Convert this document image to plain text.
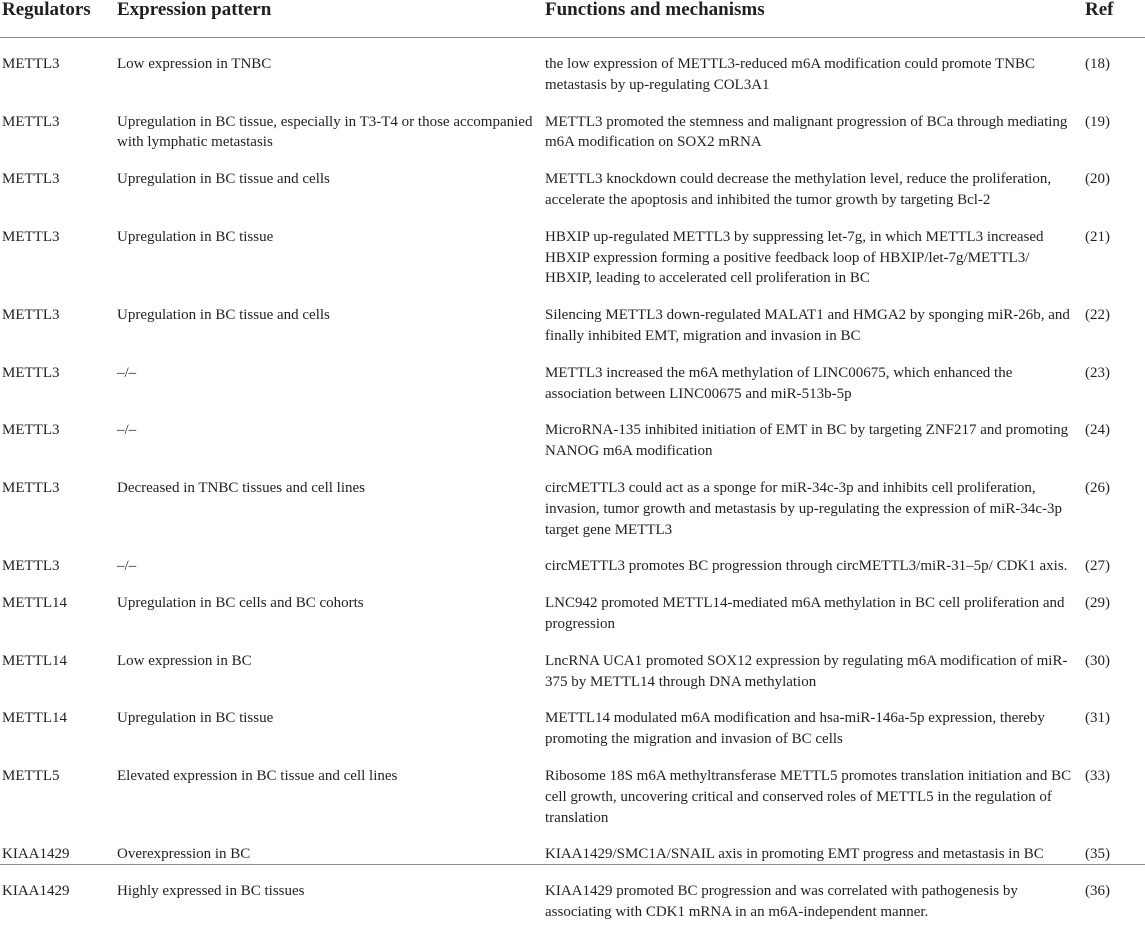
Regulators	Expression pattern	Functions and mechanisms	Ref
METTL3	Low expression in TNBC	the low expression of METTL3-reduced m6A modification could promote TNBC metastasis by up-regulating COL3A1	(18)
METTL3	Upregulation in BC tissue, especially in T3-T4 or those accompanied with lymphatic metastasis	METTL3 promoted the stemness and malignant progression of BCa through mediating m6A modification on SOX2 mRNA	(19)
METTL3	Upregulation in BC tissue and cells	METTL3 knockdown could decrease the methylation level, reduce the proliferation, accelerate the apoptosis and inhibited the tumor growth by targeting Bcl-2	(20)
METTL3	Upregulation in BC tissue	HBXIP up-regulated METTL3 by suppressing let-7g, in which METTL3 increased HBXIP expression forming a positive feedback loop of HBXIP/let-7g/METTL3/ HBXIP, leading to accelerated cell proliferation in BC	(21)
METTL3	Upregulation in BC tissue and cells	Silencing METTL3 down-regulated MALAT1 and HMGA2 by sponging miR-26b, and finally inhibited EMT, migration and invasion in BC	(22)
METTL3	–/–	METTL3 increased the m6A methylation of LINC00675, which enhanced the association between LINC00675 and miR-513b-5p	(23)
METTL3	–/–	MicroRNA-135 inhibited initiation of EMT in BC by targeting ZNF217 and promoting NANOG m6A modification	(24)
METTL3	Decreased in TNBC tissues and cell lines	circMETTL3 could act as a sponge for miR-34c-3p and inhibits cell proliferation, invasion, tumor growth and metastasis by up-regulating the expression of miR-34c-3p target gene METTL3	(26)
METTL3	–/–	circMETTL3 promotes BC progression through circMETTL3/miR-31–5p/ CDK1 axis.	(27)
METTL14	Upregulation in BC cells and BC cohorts	LNC942 promoted METTL14-mediated m6A methylation in BC cell proliferation and progression	(29)
METTL14	Low expression in BC	LncRNA UCA1 promoted SOX12 expression by regulating m6A modification of miR-375 by METTL14 through DNA methylation	(30)
METTL14	Upregulation in BC tissue	METTL14 modulated m6A modification and hsa-miR-146a-5p expression, thereby promoting the migration and invasion of BC cells	(31)
METTL5	Elevated expression in BC tissue and cell lines	Ribosome 18S m6A methyltransferase METTL5 promotes translation initiation and BC cell growth, uncovering critical and conserved roles of METTL5 in the regulation of translation	(33)
KIAA1429	Overexpression in BC	KIAA1429/SMC1A/SNAIL axis in promoting EMT progress and metastasis in BC	(35)
KIAA1429	Highly expressed in BC tissues	KIAA1429 promoted BC progression and was correlated with pathogenesis by associating with CDK1 mRNA in an m6A-independent manner.	(36)
